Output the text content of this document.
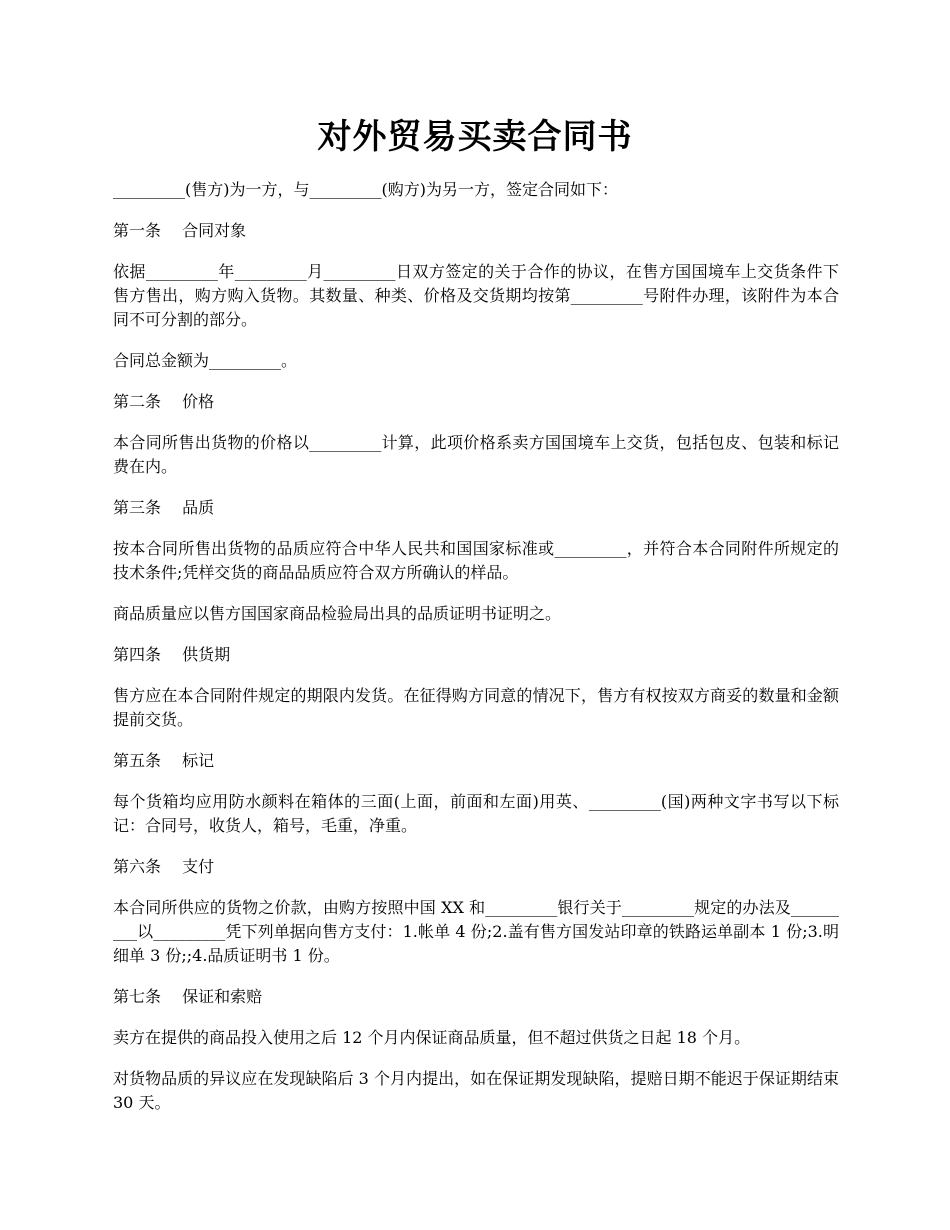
对外贸易买卖合同书

_________(售方)为一方，与_________(购方)为另一方，签定合同如下：

第一条　 合同对象

依据_________年_________月_________日双方签定的关于合作的协议，在售方国国境车上交货条件下售方售出，购方购入货物。其数量、种类、价格及交货期均按第_________号附件办理，该附件为本合同不可分割的部分。

合同总金额为_________。

第二条　 价格

本合同所售出货物的价格以_________计算，此项价格系卖方国国境车上交货，包括包皮、包装和标记费在内。

第三条　 品质

按本合同所售出货物的品质应符合中华人民共和国国家标准或_________，并符合本合同附件所规定的技术条件;凭样交货的商品品质应符合双方所确认的样品。

商品质量应以售方国国家商品检验局出具的品质证明书证明之。

第四条　 供货期

售方应在本合同附件规定的期限内发货。在征得购方同意的情况下，售方有权按双方商妥的数量和金额提前交货。

第五条　 标记

每个货箱均应用防水颜料在箱体的三面(上面，前面和左面)用英、_________(国)两种文字书写以下标记：合同号，收货人，箱号，毛重，净重。

第六条　 支付

本合同所供应的货物之价款，由购方按照中国 XX 和_________银行关于_________规定的办法及_________以_________凭下列单据向售方支付：1.帐单 4 份;2.盖有售方国发站印章的铁路运单副本 1 份;3.明细单 3 份;;4.品质证明书 1 份。

第七条　 保证和索赔

卖方在提供的商品投入使用之后 12 个月内保证商品质量，但不超过供货之日起 18 个月。

对货物品质的异议应在发现缺陷后 3 个月内提出，如在保证期发现缺陷，提赔日期不能迟于保证期结束 30 天。
